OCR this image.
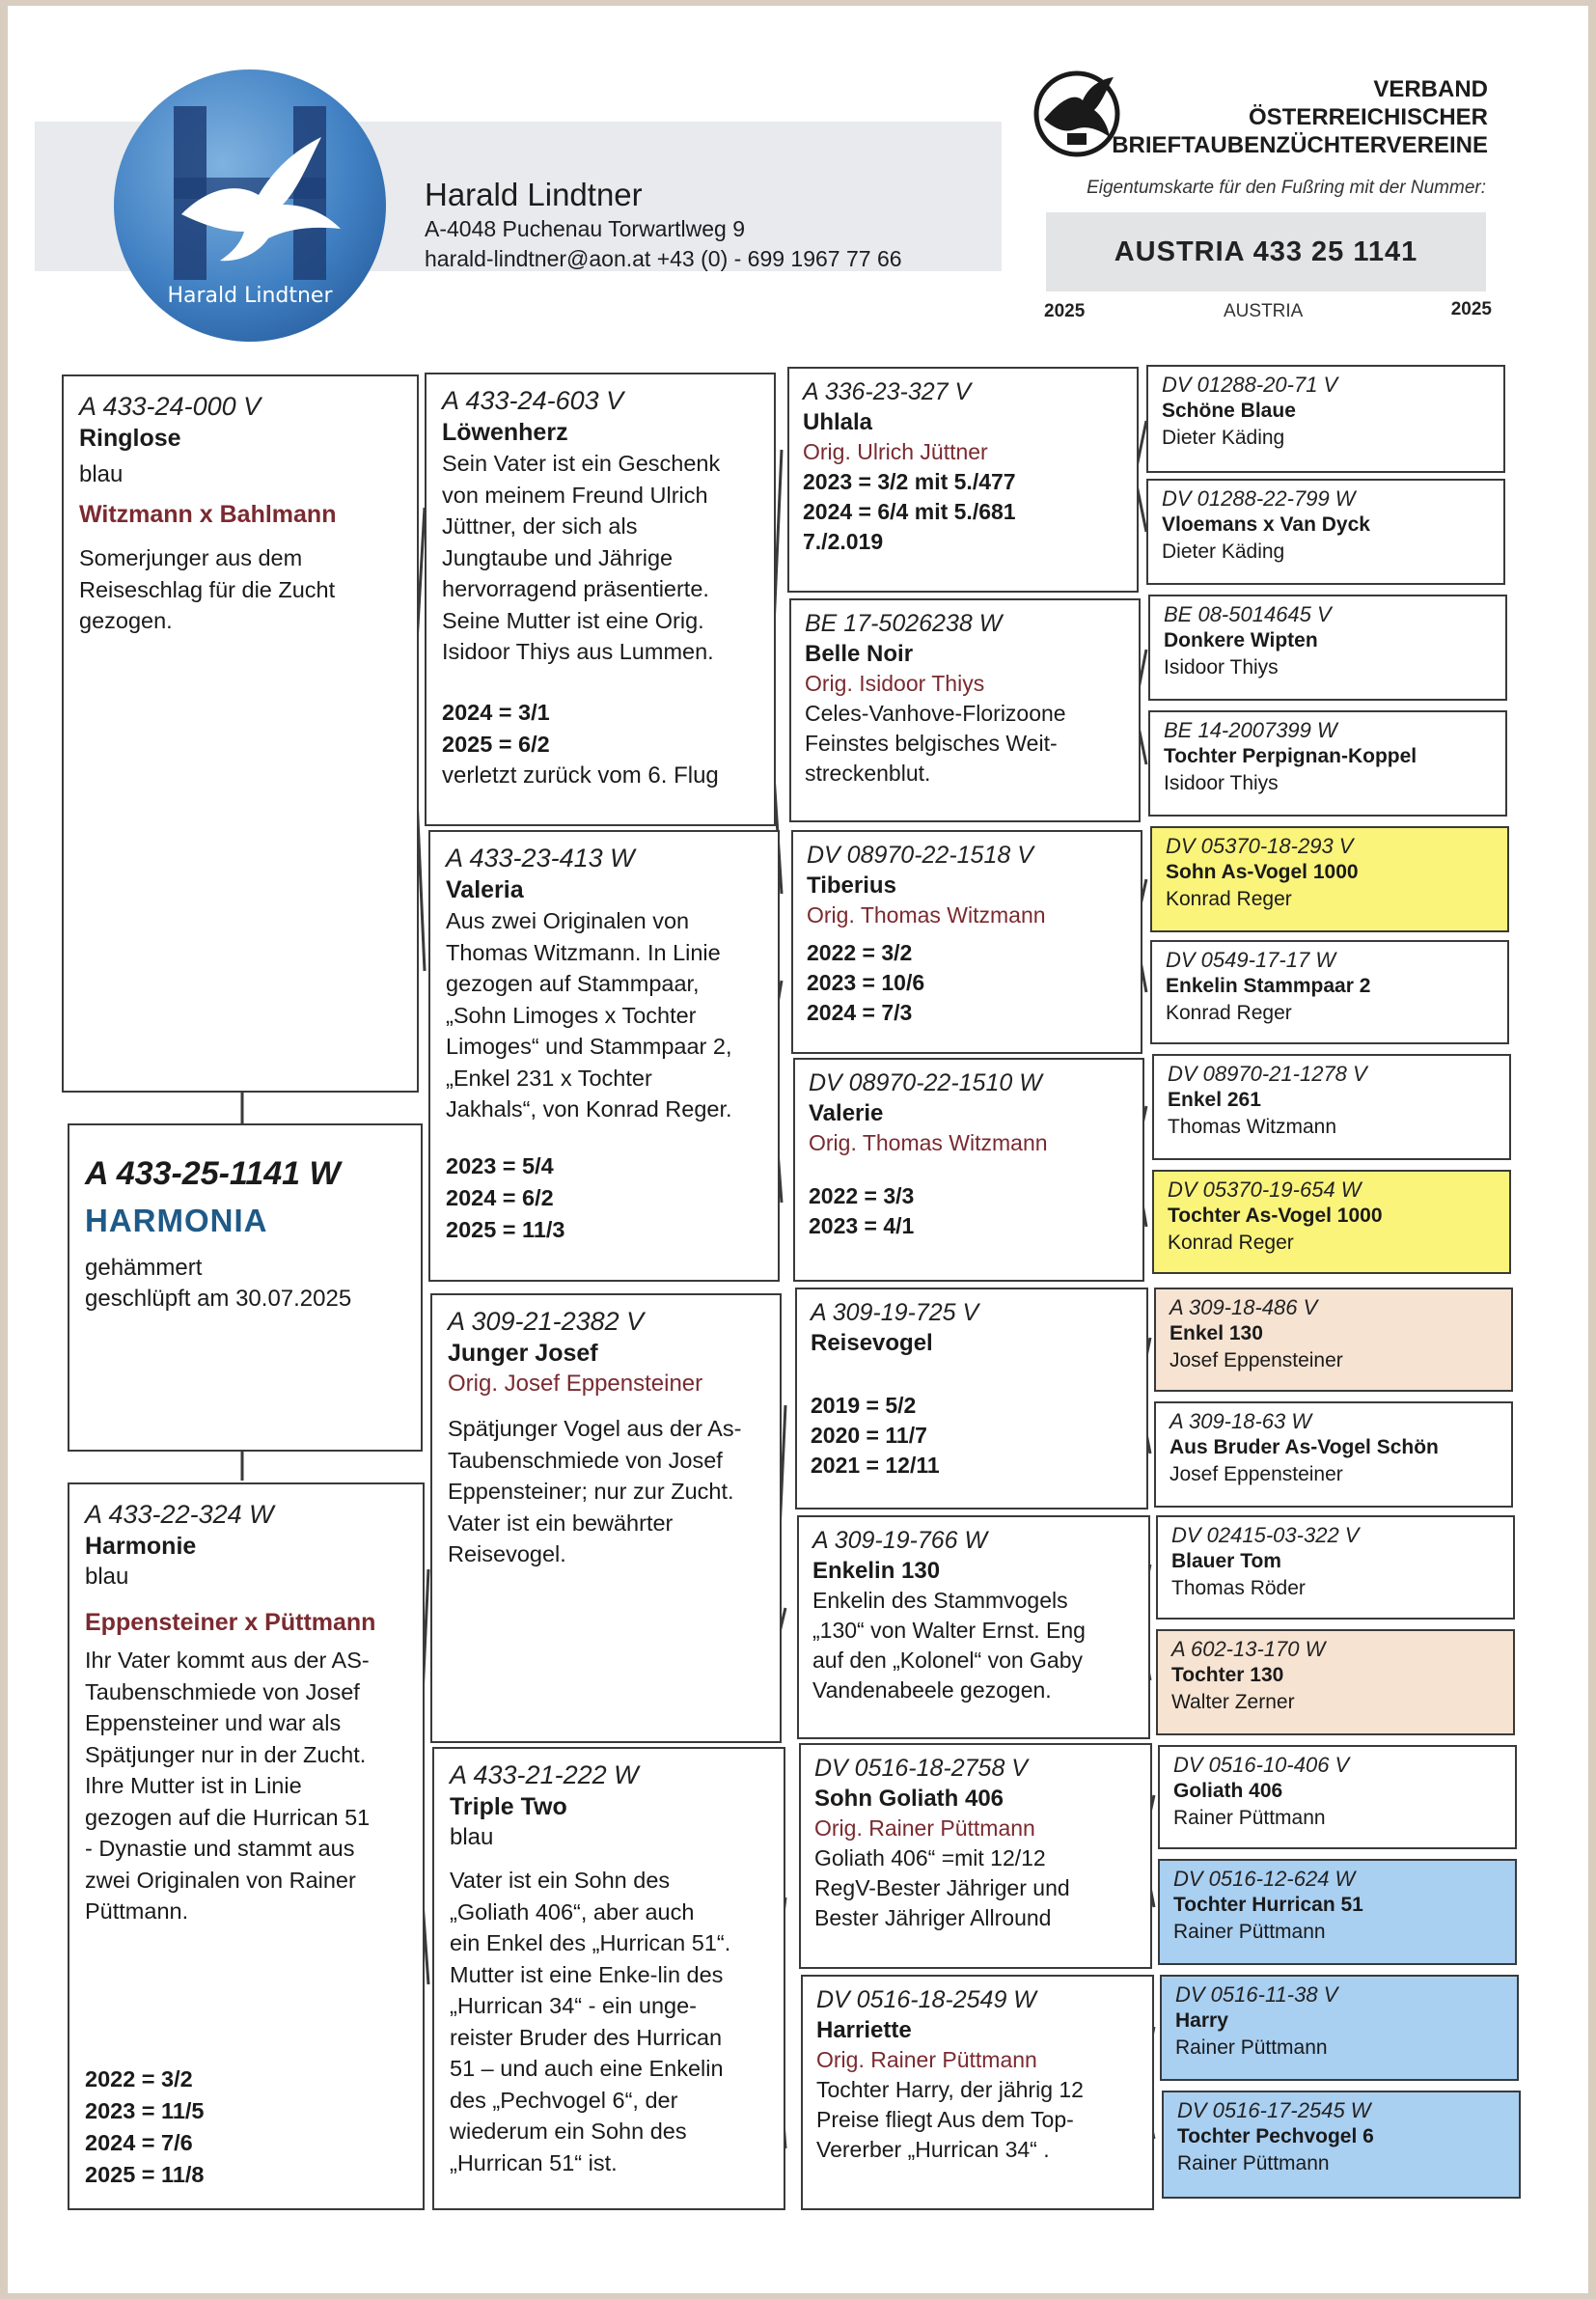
Harald Lindtner
Harald Lindtner
A-4048 Puchenau Torwartlweg 9
harald-lindtner@aon.at +43 (0) - 699 1967 77 66
VERBAND
ÖSTERREICHISCHER
BRIEFTAUBENZÜCHTERVEREINE
Eigentumskarte für den Fußring mit der Nummer:
AUSTRIA 433 25 1141
2025	AUSTRIA	2025
A 433-24-000 V
Ringlose
blau
Witzmann x Bahlmann
Somerjunger aus dem
Reiseschlag für die Zucht
gezogen.
A 433-25-1141 W
HARMONIA
gehämmert
geschlüpft am 30.07.2025
A 433-22-324 W
Harmonie
blau
Eppensteiner x Püttmann
Ihr Vater kommt aus der AS-
Taubenschmiede von Josef
Eppensteiner und war als
Spätjunger nur in der Zucht.
Ihre Mutter ist in Linie
gezogen auf die Hurrican 51
- Dynastie und stammt aus
zwei Originalen von Rainer
Püttmann.
2022 = 3/2
2023 = 11/5
2024 = 7/6
2025 = 11/8
A 433-24-603 V
Löwenherz
Sein Vater ist ein Geschenk
von meinem Freund Ulrich
Jüttner, der sich als
Jungtaube und Jährige
hervorragend präsentierte.
Seine Mutter ist eine Orig.
Isidoor Thiys aus Lummen.
2024 = 3/1
2025 = 6/2
verletzt zurück vom 6. Flug
A 433-23-413 W
Valeria
Aus zwei Originalen von
Thomas Witzmann. In Linie
gezogen auf Stammpaar,
„Sohn Limoges x Tochter
Limoges“ und Stammpaar 2,
„Enkel 231 x Tochter
Jakhals“, von Konrad Reger.
2023 = 5/4
2024 = 6/2
2025 = 11/3
A 309-21-2382 V
Junger Josef
Orig. Josef Eppensteiner
Spätjunger Vogel aus der As-
Taubenschmiede von Josef
Eppensteiner; nur zur Zucht.
Vater ist ein bewährter
Reisevogel.
A 433-21-222 W
Triple Two
blau
Vater ist ein Sohn des
„Goliath 406“, aber auch
ein Enkel des „Hurrican 51“.
Mutter ist eine Enke-lin des
„Hurrican 34“ - ein unge-
reister Bruder des Hurrican
51 – und auch eine Enkelin
des „Pechvogel 6“, der
wiederum ein Sohn des
„Hurrican 51“ ist.
A 336-23-327 V
Uhlala
Orig. Ulrich Jüttner
2023 = 3/2 mit 5./477
2024 = 6/4 mit 5./681
7./2.019
BE 17-5026238 W
Belle Noir
Orig. Isidoor Thiys
Celes-Vanhove-Florizoone
Feinstes belgisches Weit-
streckenblut.
DV 08970-22-1518 V
Tiberius
Orig. Thomas Witzmann
2022 = 3/2
2023 = 10/6
2024 = 7/3
DV 08970-22-1510 W
Valerie
Orig. Thomas Witzmann
2022 = 3/3
2023 = 4/1
A 309-19-725 V
Reisevogel
2019 = 5/2
2020 = 11/7
2021 = 12/11
A 309-19-766 W
Enkelin 130
Enkelin des Stammvogels
„130“ von Walter Ernst. Eng
auf den „Kolonel“ von Gaby
Vandenabeele gezogen.
DV 0516-18-2758 V
Sohn Goliath 406
Orig. Rainer Püttmann
Goliath 406“ =mit 12/12
RegV-Bester Jähriger und
Bester Jähriger Allround
DV 0516-18-2549 W
Harriette
Orig. Rainer Püttmann
Tochter Harry, der jährig 12
Preise fliegt Aus dem Top-
Vererber „Hurrican 34“ .
DV 01288-20-71 V
Schöne Blaue
Dieter Käding
DV 01288-22-799 W
Vloemans x Van Dyck
Dieter Käding
BE 08-5014645 V
Donkere Wipten
Isidoor Thiys
BE 14-2007399 W
Tochter Perpignan-Koppel
Isidoor Thiys
DV 05370-18-293 V
Sohn As-Vogel 1000
Konrad Reger
DV 0549-17-17 W
Enkelin Stammpaar 2
Konrad Reger
DV 08970-21-1278 V
Enkel 261
Thomas Witzmann
DV 05370-19-654 W
Tochter As-Vogel 1000
Konrad Reger
A 309-18-486 V
Enkel 130
Josef Eppensteiner
A 309-18-63 W
Aus Bruder As-Vogel Schön
Josef Eppensteiner
DV 02415-03-322 V
Blauer Tom
Thomas Röder
A 602-13-170 W
Tochter 130
Walter Zerner
DV 0516-10-406 V
Goliath 406
Rainer Püttmann
DV 0516-12-624 W
Tochter Hurrican 51
Rainer Püttmann
DV 0516-11-38 V
Harry
Rainer Püttmann
DV 0516-17-2545 W
Tochter Pechvogel 6
Rainer Püttmann
